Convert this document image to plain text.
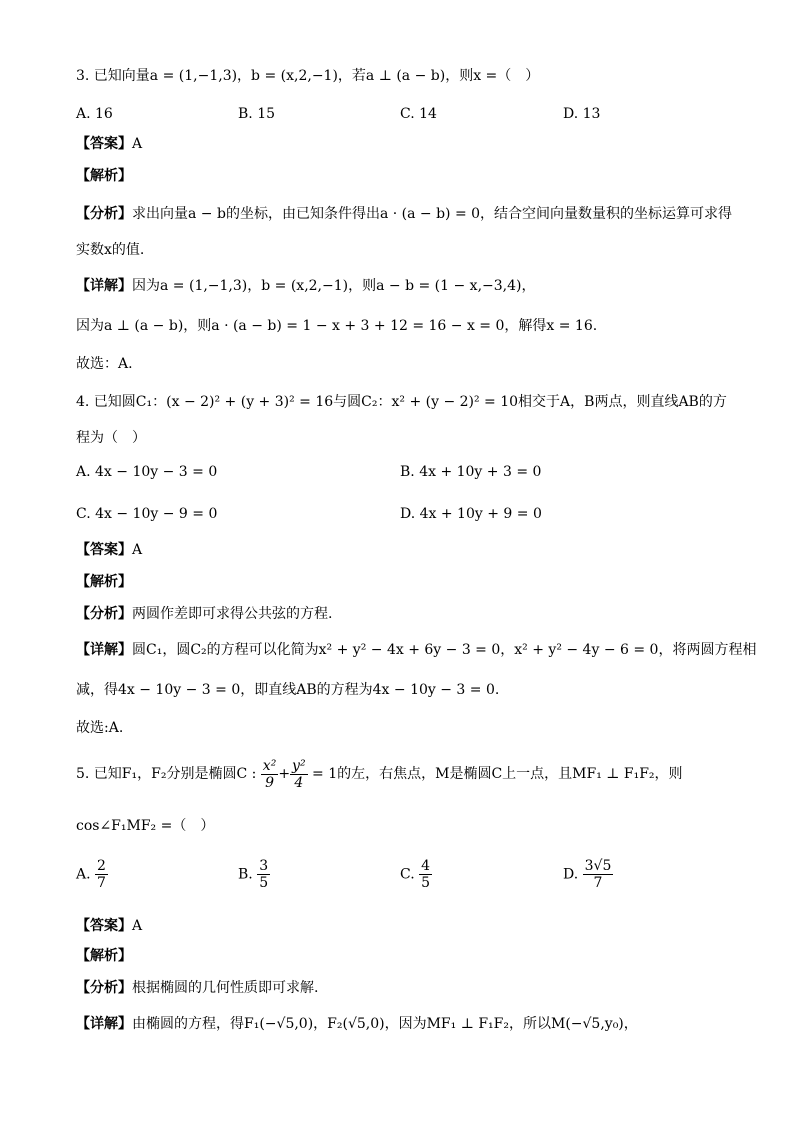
3. 已知向量a = (1,−1,3)，b = (x,2,−1)，若a ⊥ (a − b)，则x =（　）
A. 16	B. 15	C. 14	D. 13
【答案】A
【解析】
【分析】求出向量a − b的坐标，由已知条件得出a · (a − b) = 0，结合空间向量数量积的坐标运算可求得
实数x的值.
【详解】因为a = (1,−1,3)，b = (x,2,−1)，则a − b = (1 − x,−3,4)，
因为a ⊥ (a − b)，则a · (a − b) = 1 − x + 3 + 12 = 16 − x = 0，解得x = 16.
故选：A.
4. 已知圆C₁：(x − 2)² + (y + 3)² = 16与圆C₂：x² + (y − 2)² = 10相交于A，B两点，则直线AB的方
程为（　）
A. 4x − 10y − 3 = 0	B. 4x + 10y + 3 = 0
C. 4x − 10y − 9 = 0	D. 4x + 10y + 9 = 0
【答案】A
【解析】
【分析】两圆作差即可求得公共弦的方程.
【详解】圆C₁，圆C₂的方程可以化简为x² + y² − 4x + 6y − 3 = 0，x² + y² − 4y − 6 = 0，将两圆方程相
减，得4x − 10y − 3 = 0，即直线AB的方程为4x − 10y − 3 = 0.
故选:A.
5. 已知F₁，F₂分别是椭圆C : $\frac{\text{x²}}{9} + \frac{\text{y²}}{4} = 1$的左，右焦点，M是椭圆C上一点，且MF₁ ⊥ F₁F₂，则
cos∠F₁MF₂ =（　）
A. $\frac{2}{7}$	B. $\frac{3}{5}$	C. $\frac{4}{5}$	D. $\frac{3√5}{7}$
【答案】A
【解析】
【分析】根据椭圆的几何性质即可求解.
【详解】由椭圆的方程，得F₁(−√5,0)，F₂(√5,0)，因为MF₁ ⊥ F₁F₂，所以M(−√5,y₀)，
